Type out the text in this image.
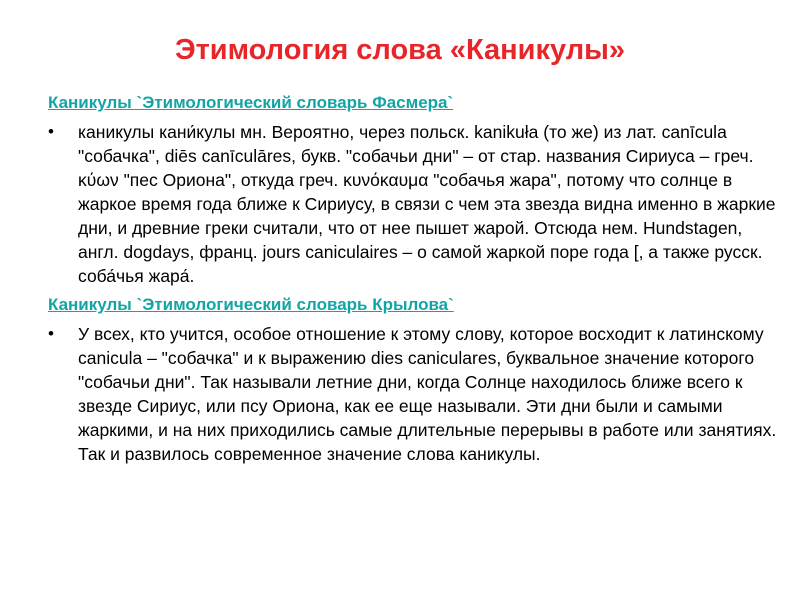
Этимология слова «Каникулы»
Каникулы `Этимологический словарь Фасмера`
• каникулы кани́кулы мн. Вероятно, через польск. kanikuła (то же) из лат. canīcula "собачка", diēs canīculāres, букв. "собачьи дни" – от стар. названия Сириуса – греч. κύων "пес Ориона", откуда греч. κυνόκαυμα "собачья жара", потому что солнце в жаркое время года ближе к Сириусу, в связи с чем эта звезда видна именно в жаркие дни, и древние греки считали, что от нее пышет жарой. Отсюда нем. Hundstagen, англ. dogdays, франц. jours caniculaires – о самой жаркой поре года [, а также русск. соба́чья жара́.

Каникулы `Этимологический словарь Крылова`
• У всех, кто учится, особое отношение к этому слову, которое восходит к латинскому canicula – "собачка" и к выражению dies caniculares, буквальное значение которого "собачьи дни". Так называли летние дни, когда Солнце находилось ближе всего к звезде Сириус, или псу Ориона, как ее еще называли. Эти дни были и самыми жаркими, и на них приходились самые длительные перерывы в работе или занятиях. Так и развилось современное значение слова каникулы.
